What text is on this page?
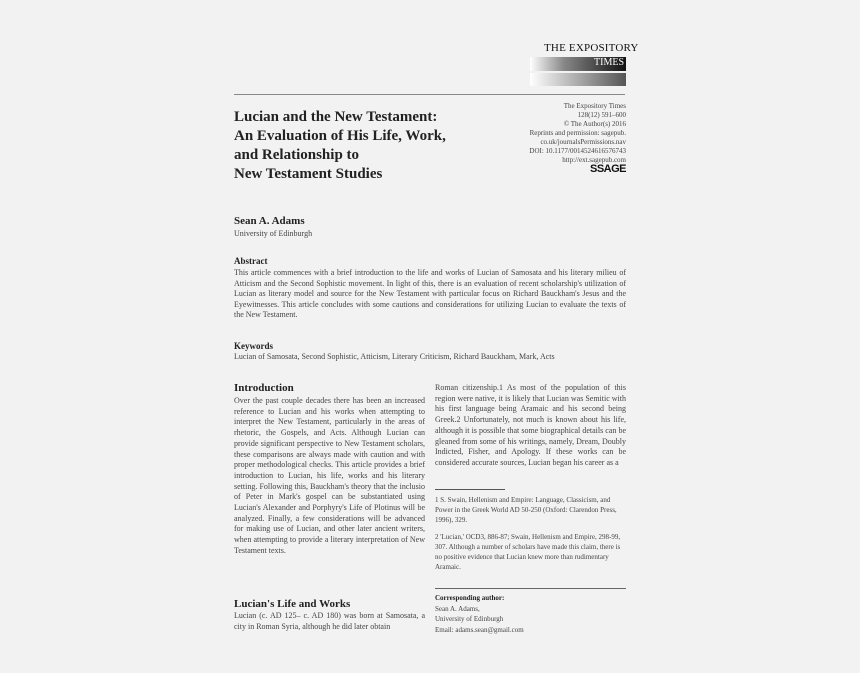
THE EXPOSITORY
TIMES
Lucian and the New Testament:
An Evaluation of His Life, Work,
and Relationship to
New Testament Studies
The Expository Times
128(12) 591–600
© The Author(s) 2016
Reprints and permission: sagepub.
co.uk/journalsPermissions.nav
DOI: 10.1177/0014524616576743
http://ext.sagepub.com
SSAGE
Sean A. Adams
University of Edinburgh
Abstract
This article commences with a brief introduction to the life and works of Lucian of Samosata and his literary milieu of Atticism and the Second Sophistic movement. In light of this, there is an evaluation of recent scholarship's utilization of Lucian as literary model and source for the New Testament with particular focus on Richard Bauckham's Jesus and the Eyewitnesses. This article concludes with some cautions and considerations for utilizing Lucian to evaluate the texts of the New Testament.
Keywords
Lucian of Samosata, Second Sophistic, Atticism, Literary Criticism, Richard Bauckham, Mark, Acts
Introduction
Over the past couple decades there has been an increased reference to Lucian and his works when attempting to interpret the New Testament, particularly in the areas of rhetoric, the Gospels, and Acts. Although Lucian can provide significant perspective to New Testament scholars, these comparisons are always made with caution and with proper methodological checks. This article provides a brief introduction to Lucian, his life, works and his literary setting. Following this, Bauckham's theory that the inclusio of Peter in Mark's gospel can be substantiated using Lucian's Alexander and Porphyry's Life of Plotinus will be analyzed. Finally, a few considerations will be advanced for making use of Lucian, and other later ancient writers, when attempting to provide a literary interpretation of New Testament texts.
Roman citizenship.1 As most of the population of this region were native, it is likely that Lucian was Semitic with his first language being Aramaic and his second being Greek.2 Unfortunately, not much is known about his life, although it is possible that some biographical details can be gleaned from some of his writings, namely, Dream, Doubly Indicted, Fisher, and Apology. If these works can be considered accurate sources, Lucian began his career as a
1 S. Swain, Hellenism and Empire: Language, Classicism, and Power in the Greek World AD 50-250 (Oxford: Clarendon Press, 1996), 329.
2 'Lucian,' OCD3, 886-87; Swain, Hellenism and Empire, 298-99, 307. Although a number of scholars have made this claim, there is no positive evidence that Lucian knew more than rudimentary Aramaic.
Corresponding author:
Sean A. Adams,
University of Edinburgh
Email: adams.sean@gmail.com
Lucian's Life and Works
Lucian (c. AD 125– c. AD 180) was born at Samosata, a city in Roman Syria, although he did later obtain
